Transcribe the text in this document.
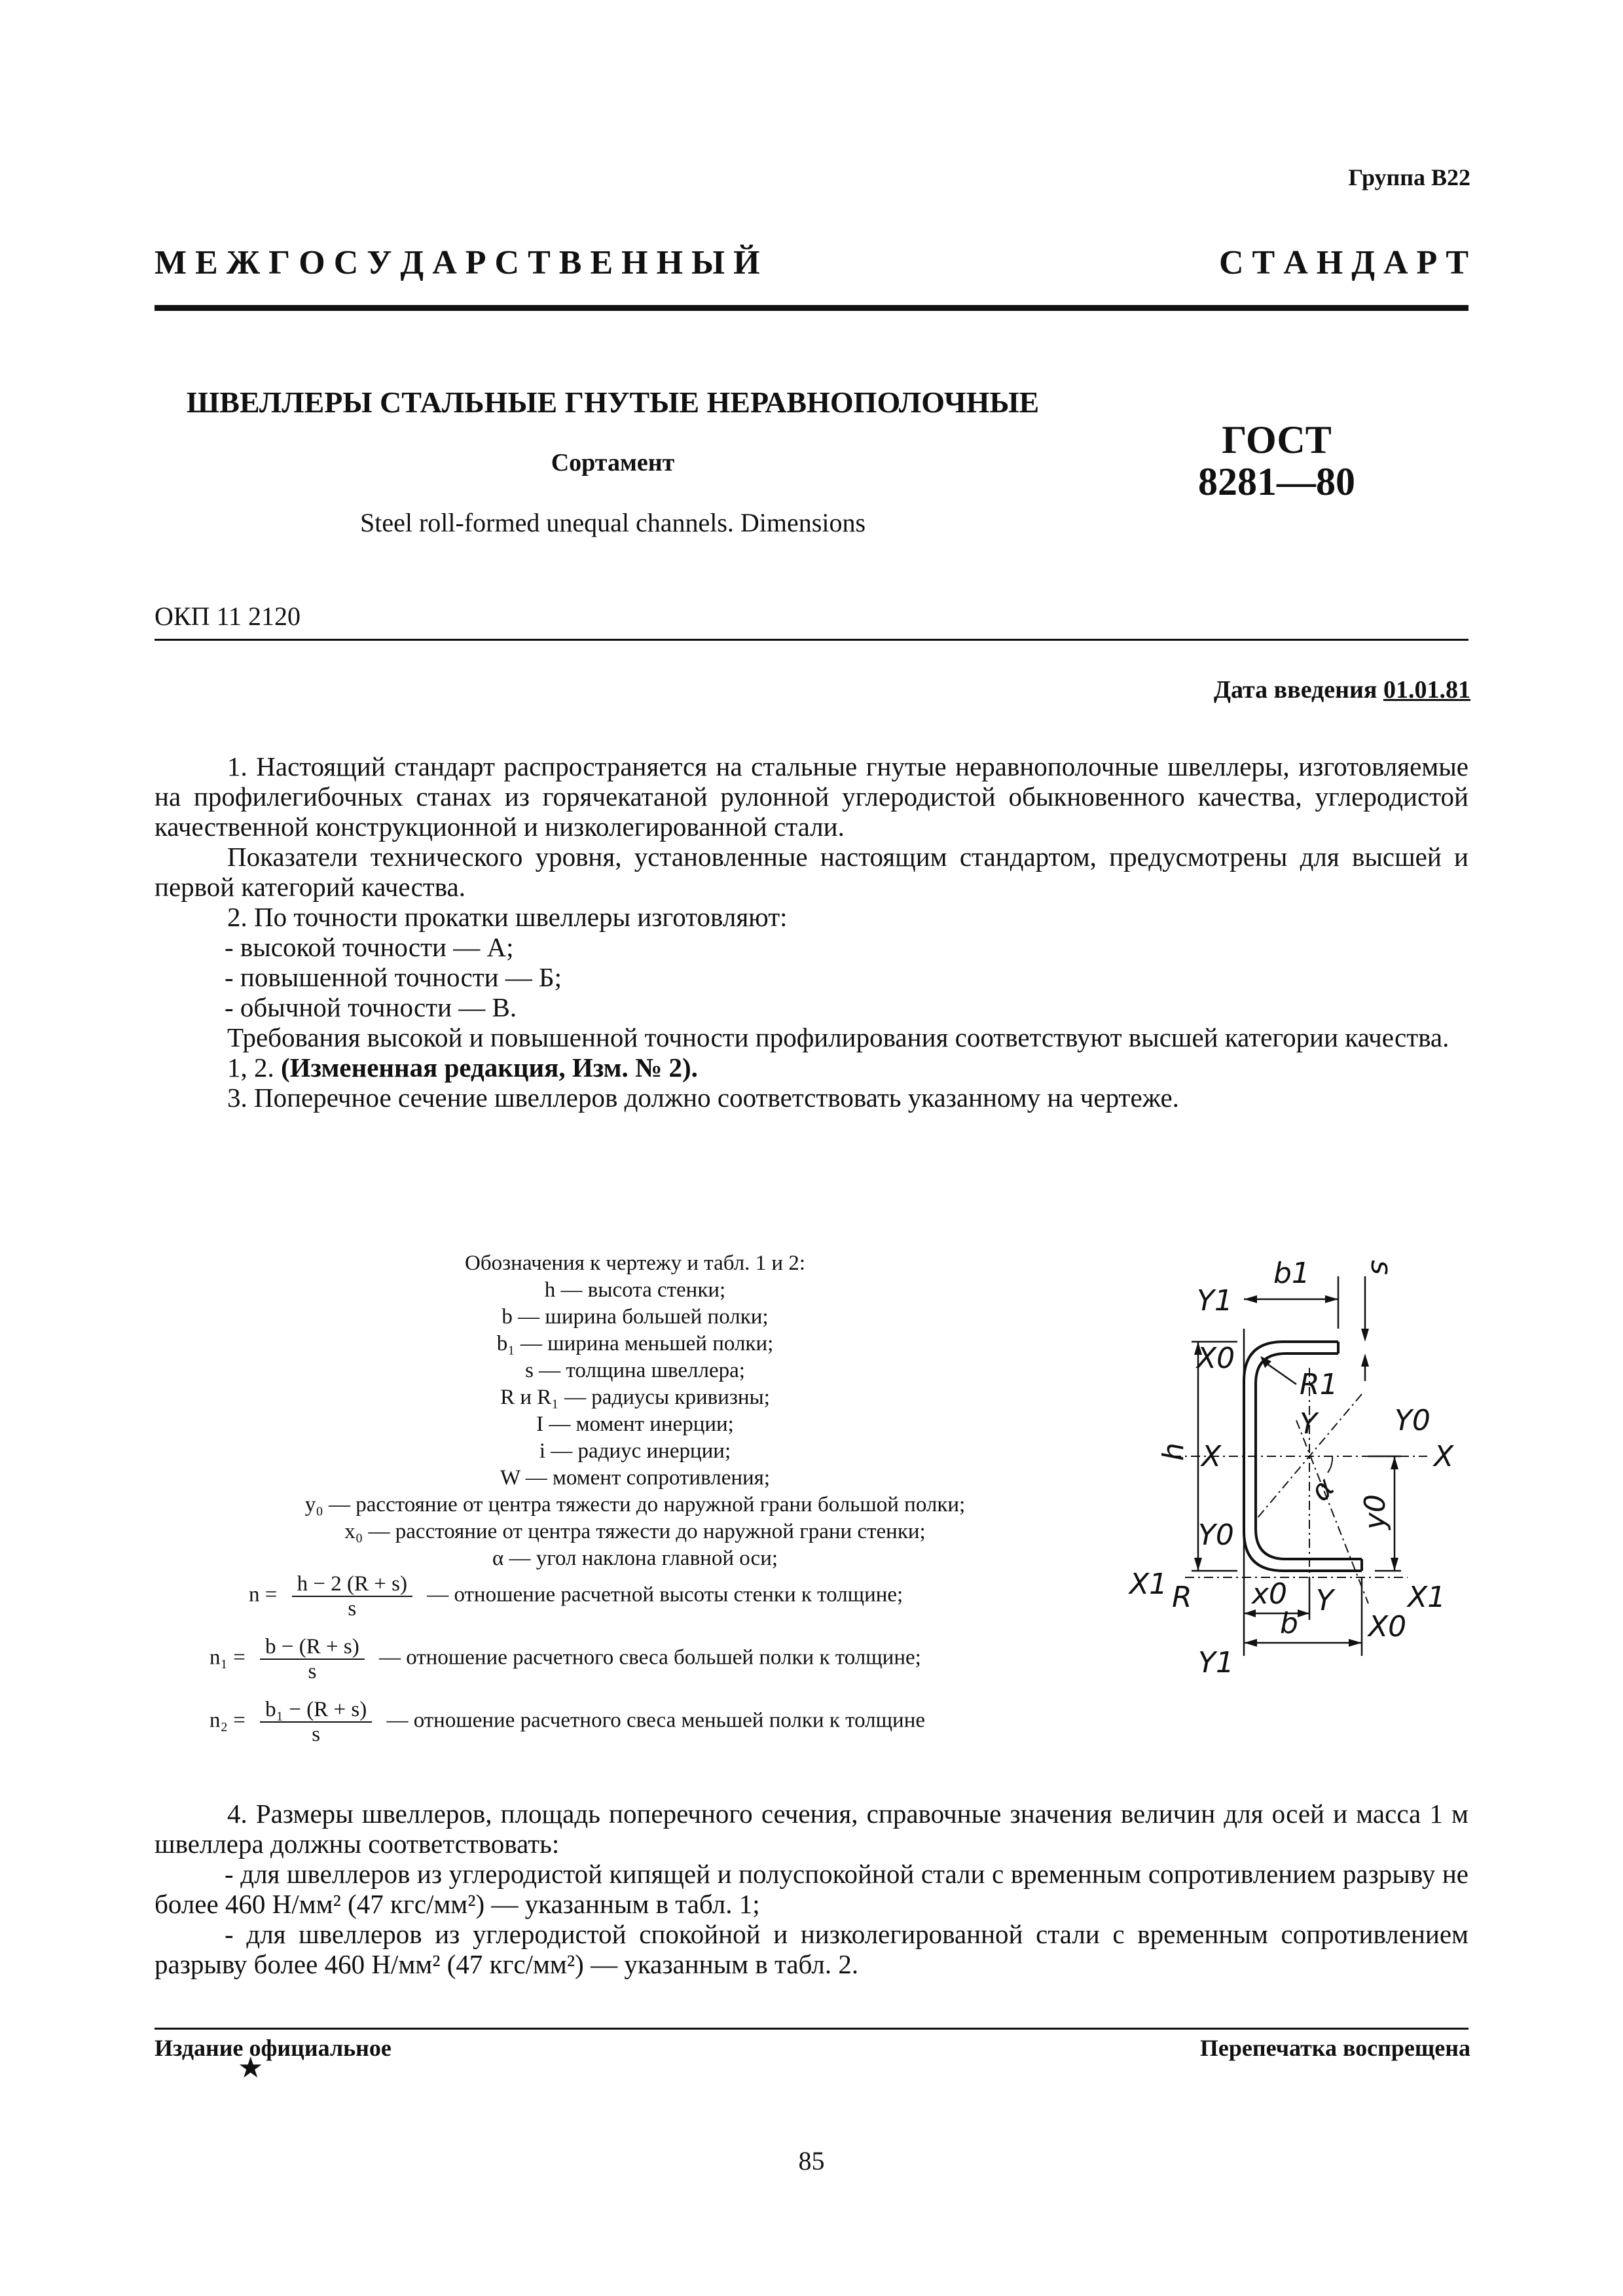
Группа В22
М Е Ж Г О С У Д А Р С Т В Е Н Н Ы Й	С Т А Н Д А Р Т
ШВЕЛЛЕРЫ СТАЛЬНЫЕ ГНУТЫЕ НЕРАВНОПОЛОЧНЫЕ
Сортамент
Steel roll-formed unequal channels. Dimensions
ГОСТ
8281—80
ОКП 11 2120
Дата введения 01.01.81

1. Настоящий стандарт распространяется на стальные гнутые неравнополочные швеллеры, изготовляемые на профилегибочных станах из горячекатаной рулонной углеродистой обыкновенного качества, углеродистой качественной конструкционной и низколегированной стали.

Показатели технического уровня, установленные настоящим стандартом, предусмотрены для высшей и первой категорий качества.

2. По точности прокатки швеллеры изготовляют:

- высокой точности — А;

- повышенной точности — Б;

- обычной точности — В.

Требования высокой и повышенной точности профилирования соответствуют высшей категории качества.

1, 2. (Измененная редакция, Изм. № 2).

3. Поперечное сечение швеллеров должно соответствовать указанному на чертеже.

Обозначения к чертежу и табл. 1 и 2:
h — высота стенки;
b — ширина большей полки;
b₁ — ширина меньшей полки;
s — толщина швеллера;
R и R₁ — радиусы кривизны;
I — момент инерции;
i — радиус инерции;
W — момент сопротивления;
y₀ — расстояние от центра тяжести до наружной грани большой полки;
x₀ — расстояние от центра тяжести до наружной грани стенки;
α — угол наклона главной оси;
$n = \frac{h - 2 (R + s)}{s}$ — отношение расчетной высоты стенки к толщине;
$n_1 = \frac{b - (R + s)}{s}$ — отношение расчетного свеса большей полки к толщине;
$n_2 = \frac{\text{b₁ − (R + s)}}{s}$ — отношение расчетного свеса меньшей полки к толщине
b1
Y1
s
X0
R1
Y	Y0
h X	X
α
y0
Y0
X1 R x0 Y	X1
b X0
Y1

4. Размеры швеллеров, площадь поперечного сечения, справочные значения величин для осей и масса 1 м швеллера должны соответствовать:

- для швеллеров из углеродистой кипящей и полуспокойной стали с временным сопротивлением разрыву не более 460 Н/мм² (47 кгс/мм²) — указанным в табл. 1;

- для швеллеров из углеродистой спокойной и низколегированной стали с временным сопротивлением разрыву более 460 Н/мм² (47 кгс/мм²) — указанным в табл. 2.

Издание официальное
★
Перепечатка воспрещена
85
